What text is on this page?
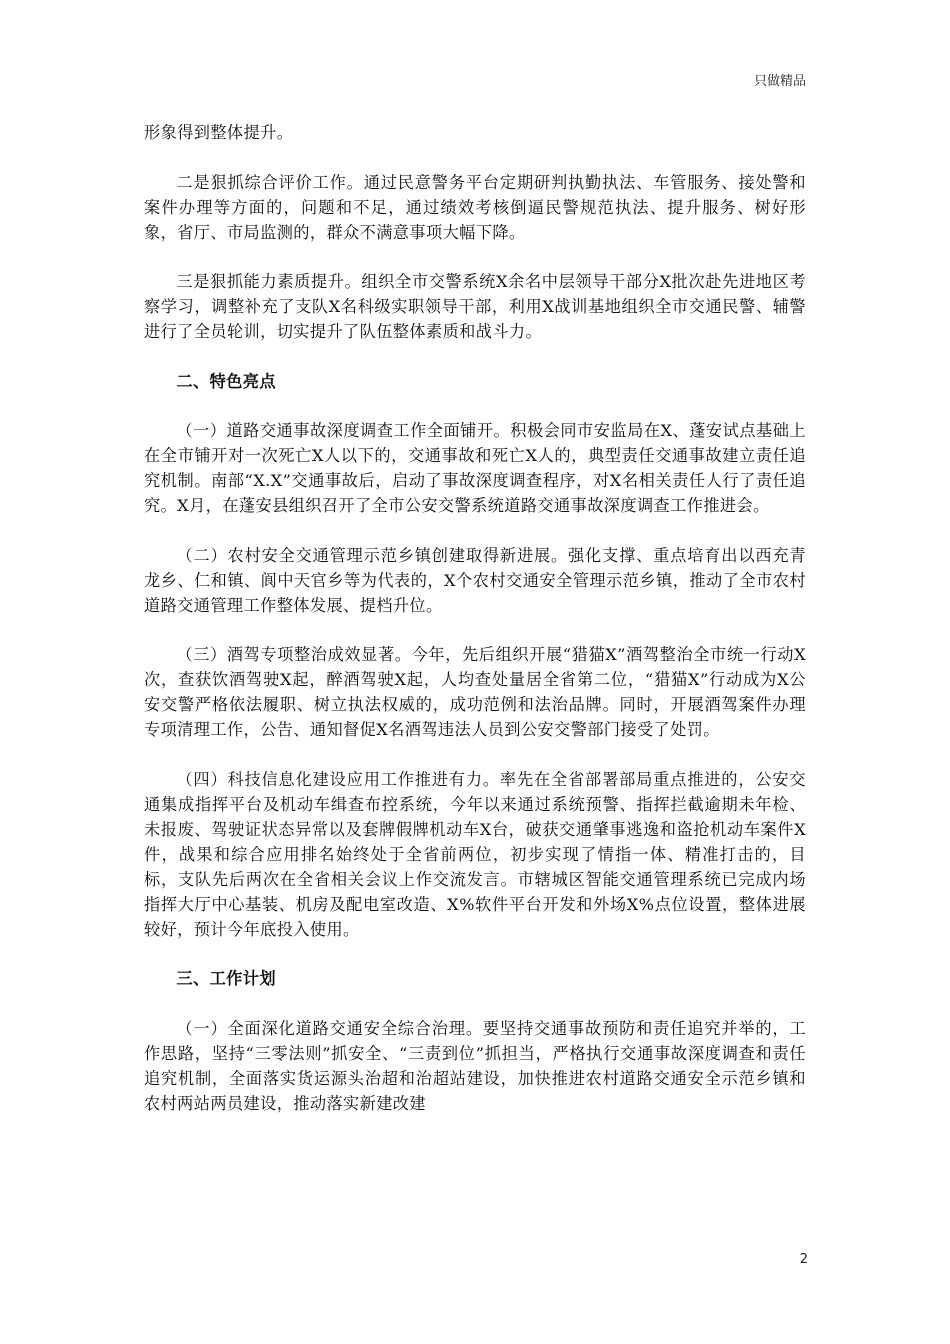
只做精品

形象得到整体提升。

二是狠抓综合评价工作。通过民意警务平台定期研判执勤执法、车管服务、接处警和案件办理等方面的，问题和不足，通过绩效考核倒逼民警规范执法、提升服务、树好形象，省厅、市局监测的，群众不满意事项大幅下降。

三是狠抓能力素质提升。组织全市交警系统X余名中层领导干部分X批次赴先进地区考察学习，调整补充了支队X名科级实职领导干部，利用X战训基地组织全市交通民警、辅警进行了全员轮训，切实提升了队伍整体素质和战斗力。

二、特色亮点

（一）道路交通事故深度调查工作全面铺开。积极会同市安监局在X、蓬安试点基础上在全市铺开对一次死亡X人以下的，交通事故和死亡X人的，典型责任交通事故建立责任追究机制。南部“X.X”交通事故后，启动了事故深度调查程序，对X名相关责任人行了责任追究。X月，在蓬安县组织召开了全市公安交警系统道路交通事故深度调查工作推进会。

（二）农村安全交通管理示范乡镇创建取得新进展。强化支撑、重点培育出以西充青龙乡、仁和镇、阆中天官乡等为代表的，X个农村交通安全管理示范乡镇，推动了全市农村道路交通管理工作整体发展、提档升位。

（三）酒驾专项整治成效显著。今年，先后组织开展“猎猫X”酒驾整治全市统一行动X次，查获饮酒驾驶X起，醉酒驾驶X起，人均查处量居全省第二位，“猎猫X”行动成为X公安交警严格依法履职、树立执法权威的，成功范例和法治品牌。同时，开展酒驾案件办理专项清理工作，公告、通知督促X名酒驾违法人员到公安交警部门接受了处罚。

（四）科技信息化建设应用工作推进有力。率先在全省部署部局重点推进的，公安交通集成指挥平台及机动车缉查布控系统，今年以来通过系统预警、指挥拦截逾期未年检、未报废、驾驶证状态异常以及套牌假牌机动车X台，破获交通肇事逃逸和盗抢机动车案件X件，战果和综合应用排名始终处于全省前两位，初步实现了情指一体、精准打击的，目标，支队先后两次在全省相关会议上作交流发言。市辖城区智能交通管理系统已完成内场指挥大厅中心基装、机房及配电室改造、X%软件平台开发和外场X%点位设置，整体进展较好，预计今年底投入使用。

三、工作计划

（一）全面深化道路交通安全综合治理。要坚持交通事故预防和责任追究并举的，工作思路，坚持“三零法则”抓安全、“三责到位”抓担当，严格执行交通事故深度调查和责任追究机制，全面落实货运源头治超和治超站建设，加快推进农村道路交通安全示范乡镇和农村两站两员建设，推动落实新建改建

2
